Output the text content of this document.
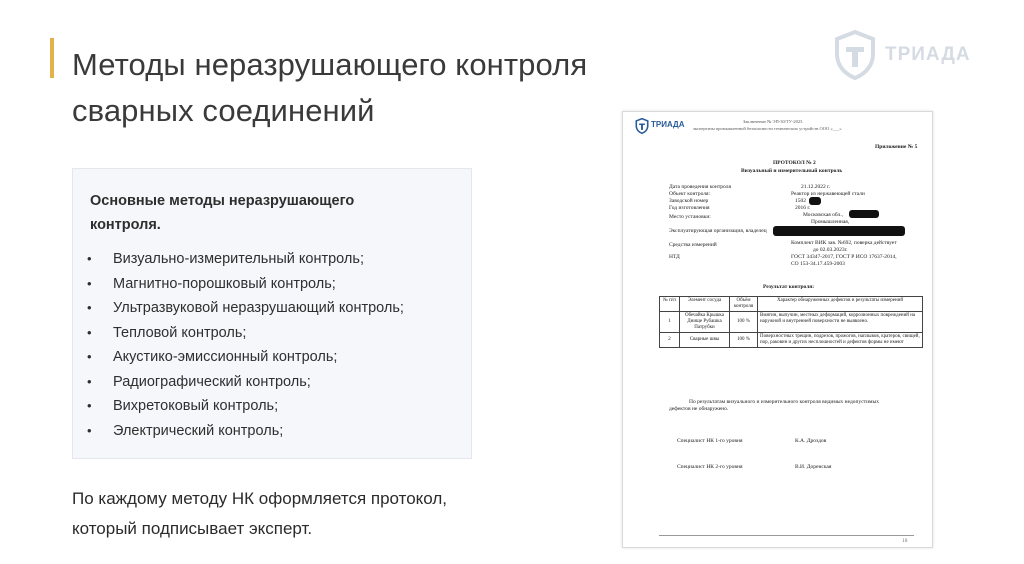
Методы неразрушающего контроля
сварных соединений
ТРИАДА
Основные методы неразрушающего контроля.
• Визуально-измерительный контроль;
• Магнитно-порошковый контроль;
• Ультразвуковой неразрушающий контроль;
• Тепловой контроль;
• Акустико-эмиссионный контроль;
• Радиографический контроль;
• Вихретоковый контроль;
• Электрический контроль;
По каждому методу НК оформляется протокол,
который подписывает эксперт.
ТРИАДА	Заключение № ЭП-30/ТУ-2023
экспертизы промышленной безопасности технических устройств ООО «___»
Приложение № 5
ПРОТОКОЛ № 2
Визуальный и измерительный контроль
Дата проведения контроля	21.12.2022 г.
Объект контроля:	Реактор из нержавеющей стали
Заводской номер	1502
Год изготовления	2016 г.
Место установки:	Московская обл.,
Промышленная,
Эксплуатирующая организация, владелец
Средства измерений	Комплект ВИК зав. №692, поверка действует
до 02.03.2023г.
НТД	ГОСТ 34347-2017, ГОСТ Р ИСО 17637-2014,
СО 153-34.17.459-2003
Результат контроля:
№ п/п	Элемент сосуда	Объём контроля	Характер обнаруженных дефектов и результаты измерений
1	Обечайка Крышка Днище Рубашка Патрубки	100 %	Вмятин, выпучин, местных деформаций, коррозионных повреждений на наружной и внутренней поверхности не выявлено.
2	Сварные швы	100 %	Поверхностных трещин, подрезов, прожогов, наплывов, кратеров, свищей, пор, раковин и других несплошностей и дефектов формы не имеют
По результатам визуального и измерительного контроля видимых недопустимых
дефектов не обнаружено.
Специалист НК 1-го уровня	К.А. Дроздов
Специалист НК 2-го уровня	В.И. Доренская
18
